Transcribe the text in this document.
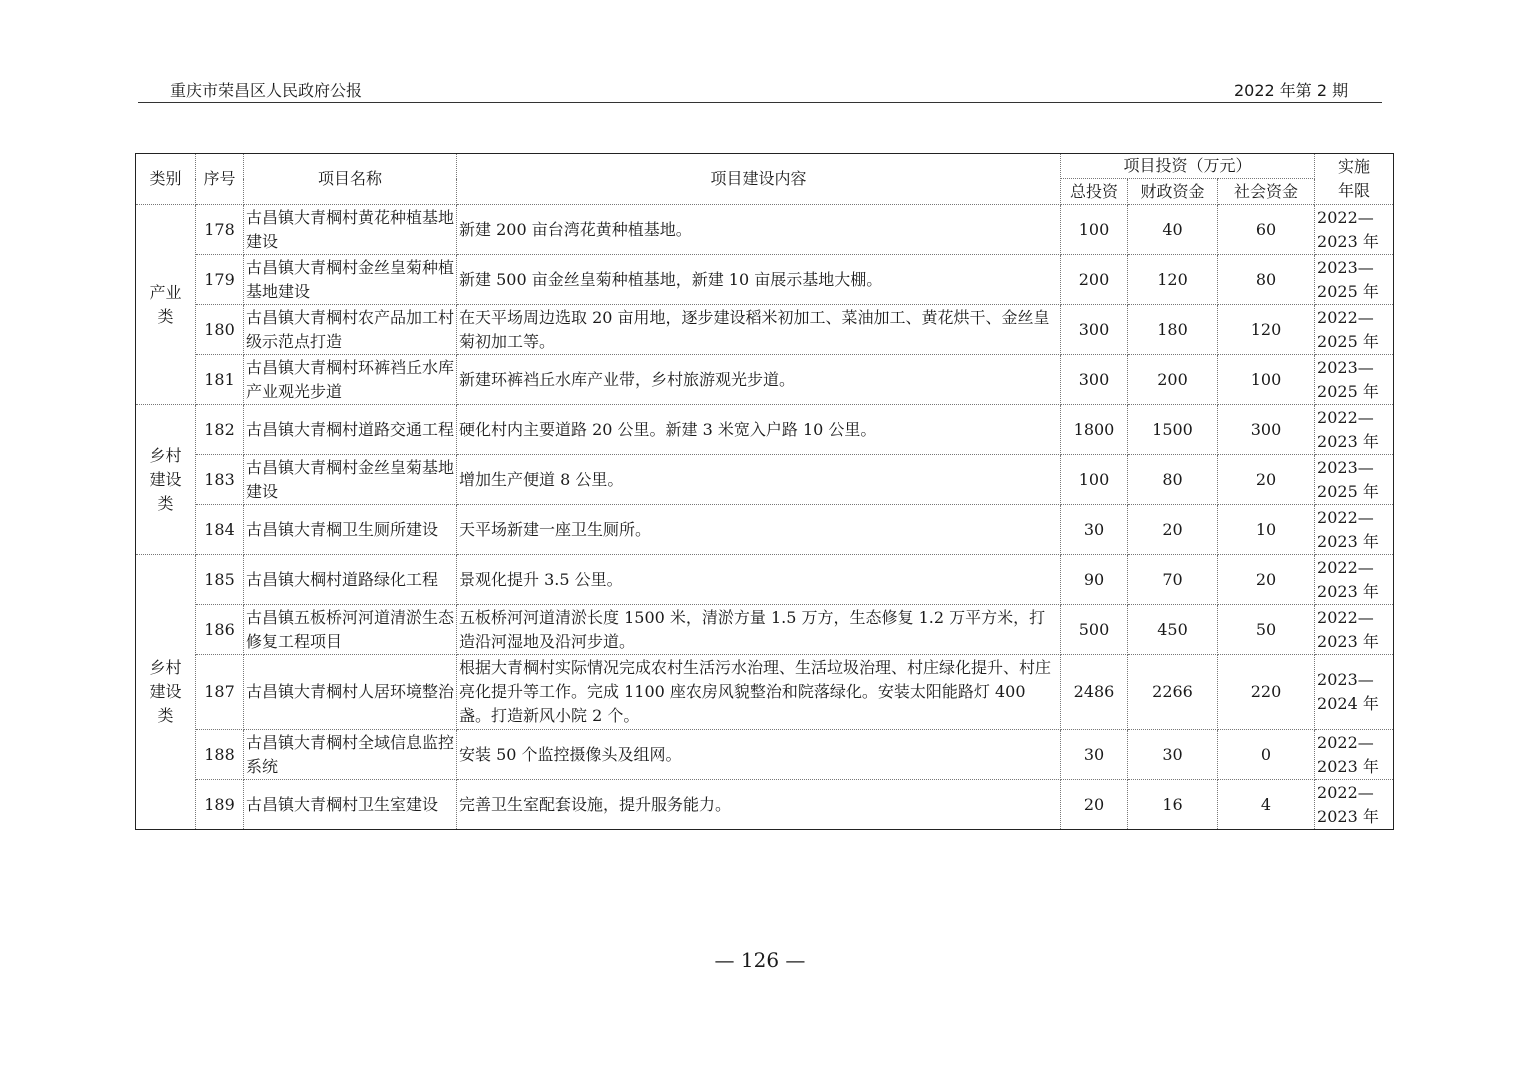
重庆市荣昌区人民政府公报	2022 年第 2 期
类别	序号	项目名称	项目建设内容	项目投资（万元）			实施
年限

				总投资	财政资金	社会资金	

产业类	178	古昌镇大青棡村黄花种植基地建设	新建 200 亩台湾花黄种植基地。	100	40	60	2022—
2023 年

	179	古昌镇大青棡村金丝皇菊种植基地建设	新建 500 亩金丝皇菊种植基地，新建 10 亩展示基地大棚。	200	120	80	2023—
2025 年

	180	古昌镇大青棡村农产品加工村级示范点打造	在天平场周边选取 20 亩用地，逐步建设稻米初加工、菜油加工、黄花烘干、金丝皇菊初加工等。	300	180	120	2022—
2025 年

	181	古昌镇大青棡村环裤裆丘水库产业观光步道	新建环裤裆丘水库产业带，乡村旅游观光步道。	300	200	100	2023—
2025 年

乡村建设类	182	古昌镇大青棡村道路交通工程	硬化村内主要道路 20 公里。新建 3 米宽入户路 10 公里。	1800	1500	300	2022—
2023 年

	183	古昌镇大青棡村金丝皇菊基地建设	增加生产便道 8 公里。	100	80	20	2023—
2025 年

	184	古昌镇大青棡卫生厕所建设	天平场新建一座卫生厕所。	30	20	10	2022—
2023 年

乡村建设类	185	古昌镇大棡村道路绿化工程	景观化提升 3.5 公里。	90	70	20	2022—
2023 年

	186	古昌镇五板桥河河道清淤生态修复工程项目	五板桥河河道清淤长度 1500 米，清淤方量 1.5 万方，生态修复 1.2 万平方米，打造沿河湿地及沿河步道。	500	450	50	2022—
2023 年

	187	古昌镇大青棡村人居环境整治	根据大青棡村实际情况完成农村生活污水治理、生活垃圾治理、村庄绿化提升、村庄亮化提升等工作。完成 1100 座农房风貌整治和院落绿化。安装太阳能路灯 400 盏。打造新风小院 2 个。	2486	2266	220	2023—
2024 年

	188	古昌镇大青棡村全域信息监控系统	安装 50 个监控摄像头及组网。	30	30	0	2022—
2023 年

	189	古昌镇大青棡村卫生室建设	完善卫生室配套设施，提升服务能力。	20	16	4	2022—
2023 年
— 126 —
